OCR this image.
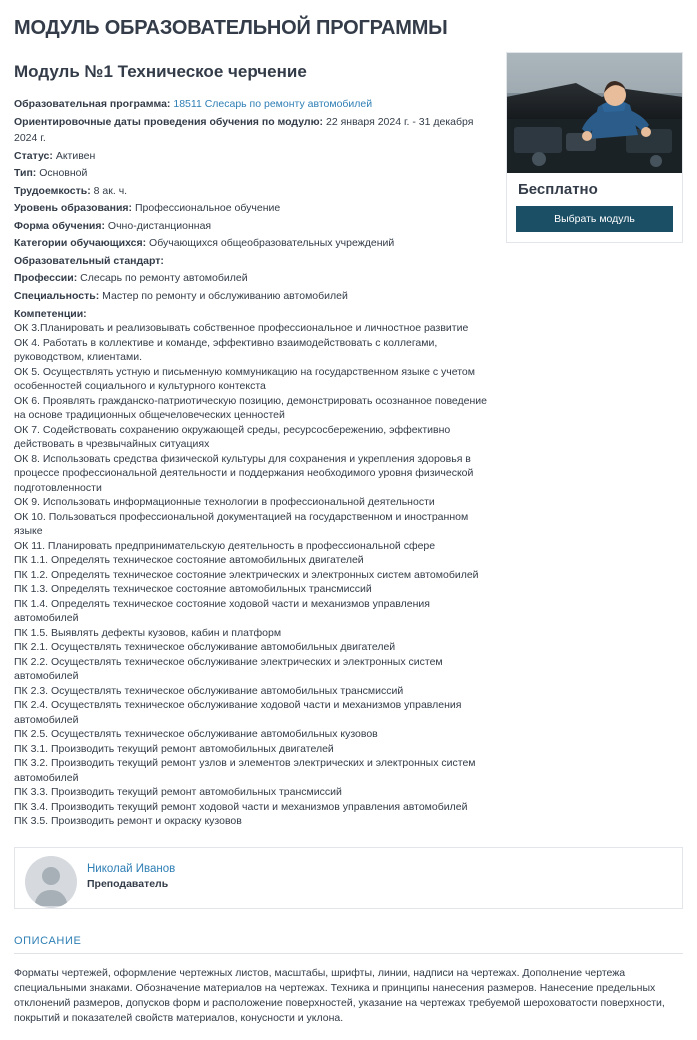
МОДУЛЬ ОБРАЗОВАТЕЛЬНОЙ ПРОГРАММЫ
Модуль №1 Техническое черчение
Образовательная программа: 18511 Слесарь по ремонту автомобилей
Ориентировочные даты проведения обучения по модулю: 22 января 2024 г. - 31 декабря 2024 г.
Статус: Активен
Тип: Основной
Трудоемкость: 8 ак. ч.
Уровень образования: Профессиональное обучение
Форма обучения: Очно-дистанционная
Категории обучающихся: Обучающихся общеобразовательных учреждений
Образовательный стандарт:
Профессии: Слесарь по ремонту автомобилей
Специальность: Мастер по ремонту и обслуживанию автомобилей
Компетенции:
ОК 3.Планировать и реализовывать собственное профессиональное и личностное развитие
ОК 4. Работать в коллективе и команде, эффективно взаимодействовать с коллегами, руководством, клиентами.
ОК 5. Осуществлять устную и письменную коммуникацию на государственном языке с учетом особенностей социального и культурного контекста
ОК 6. Проявлять гражданско-патриотическую позицию, демонстрировать осознанное поведение на основе традиционных общечеловеческих ценностей
ОК 7. Содействовать сохранению окружающей среды, ресурсосбережению, эффективно действовать в чрезвычайных ситуациях
ОК 8. Использовать средства физической культуры для сохранения и укрепления здоровья в процессе профессиональной деятельности и поддержания необходимого уровня физической подготовленности
ОК 9. Использовать информационные технологии в профессиональной деятельности
ОК 10. Пользоваться профессиональной документацией на государственном и иностранном языке
ОК 11. Планировать предпринимательскую деятельность в профессиональной сфере
ПК 1.1. Определять техническое состояние автомобильных двигателей
ПК 1.2. Определять техническое состояние электрических и электронных систем автомобилей
ПК 1.3. Определять техническое состояние автомобильных трансмиссий
ПК 1.4. Определять техническое состояние ходовой части и механизмов управления автомобилей
ПК 1.5. Выявлять дефекты кузовов, кабин и платформ
ПК 2.1. Осуществлять техническое обслуживание автомобильных двигателей
ПК 2.2. Осуществлять техническое обслуживание электрических и электронных систем автомобилей
ПК 2.3. Осуществлять техническое обслуживание автомобильных трансмиссий
ПК 2.4. Осуществлять техническое обслуживание ходовой части и механизмов управления автомобилей
ПК 2.5. Осуществлять техническое обслуживание автомобильных кузовов
ПК 3.1. Производить текущий ремонт автомобильных двигателей
ПК 3.2. Производить текущий ремонт узлов и элементов электрических и электронных систем автомобилей
ПК 3.3. Производить текущий ремонт автомобильных трансмиссий
ПК 3.4. Производить текущий ремонт ходовой части и механизмов управления автомобилей
ПК 3.5. Производить ремонт и окраску кузовов
Бесплатно
Выбрать модуль
Николай Иванов
Преподаватель
ОПИСАНИЕ

Форматы чертежей, оформление чертежных листов, масштабы, шрифты, линии, надписи на чертежах. Дополнение чертежа специальными знаками. Обозначение материалов на чертежах. Техника и принципы нанесения размеров. Нанесение предельных отклонений размеров, допусков форм и расположение поверхностей, указание на чертежах требуемой шероховатости поверхности, покрытий и показателей свойств материалов, конусности и уклона.
